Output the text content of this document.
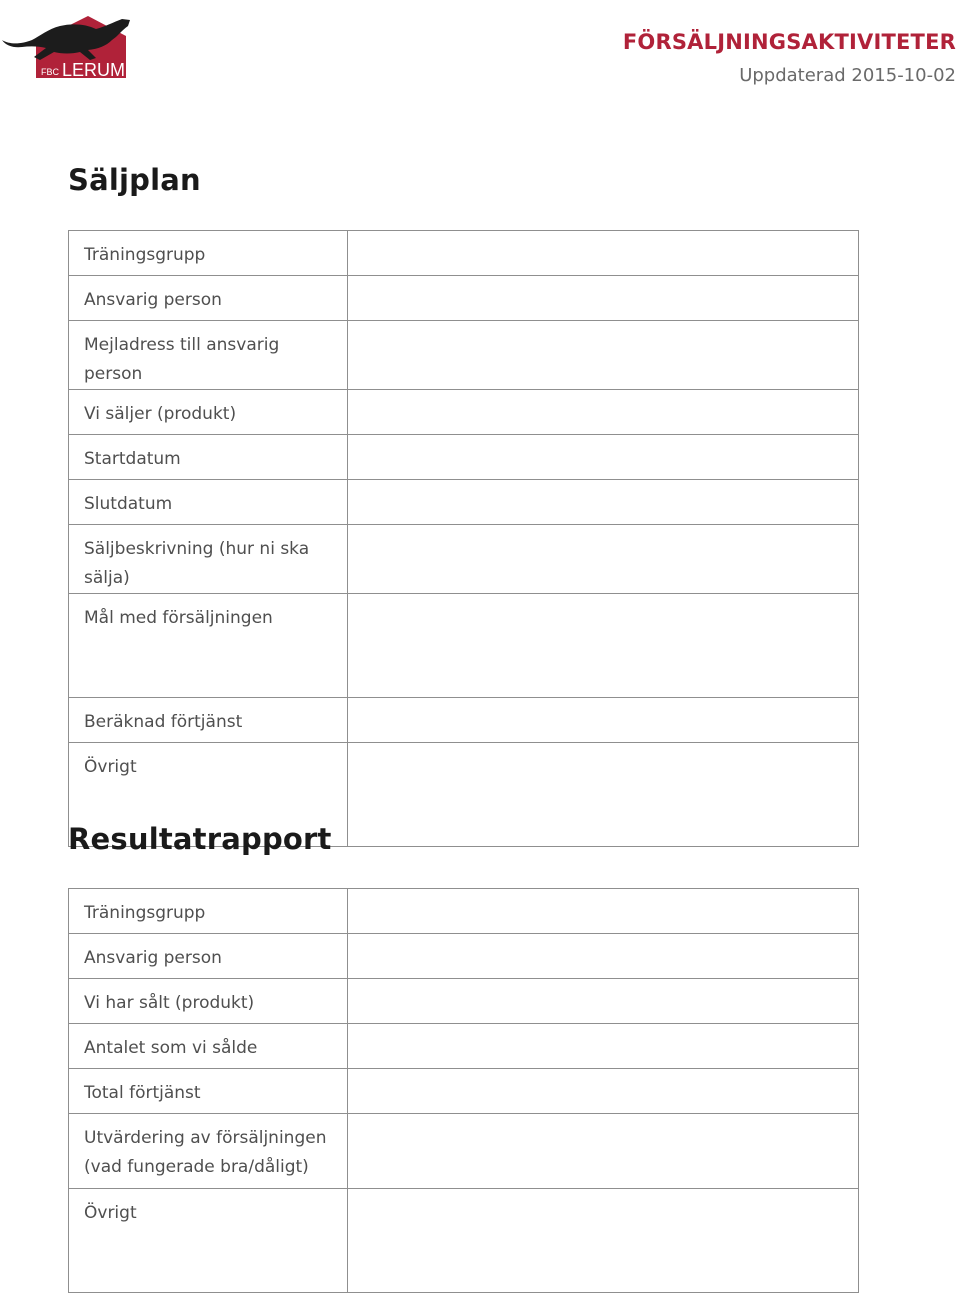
FBC LERUM
FÖRSÄLJNINGSAKTIVITETER

Uppdaterad 2015-10-02

Säljplan
Träningsgrupp	
Ansvarig person	
Mejladress till ansvarig person	
Vi säljer (produkt)	
Startdatum	
Slutdatum	
Säljbeskrivning (hur ni ska sälja)	
Mål med försäljningen	
Beräknad förtjänst	
Övrigt	
Resultatrapport
Träningsgrupp	
Ansvarig person	
Vi har sålt (produkt)	
Antalet som vi sålde	
Total förtjänst	

Utvärdering av försäljningen
(vad fungerade bra/dåligt)	

Övrigt	
